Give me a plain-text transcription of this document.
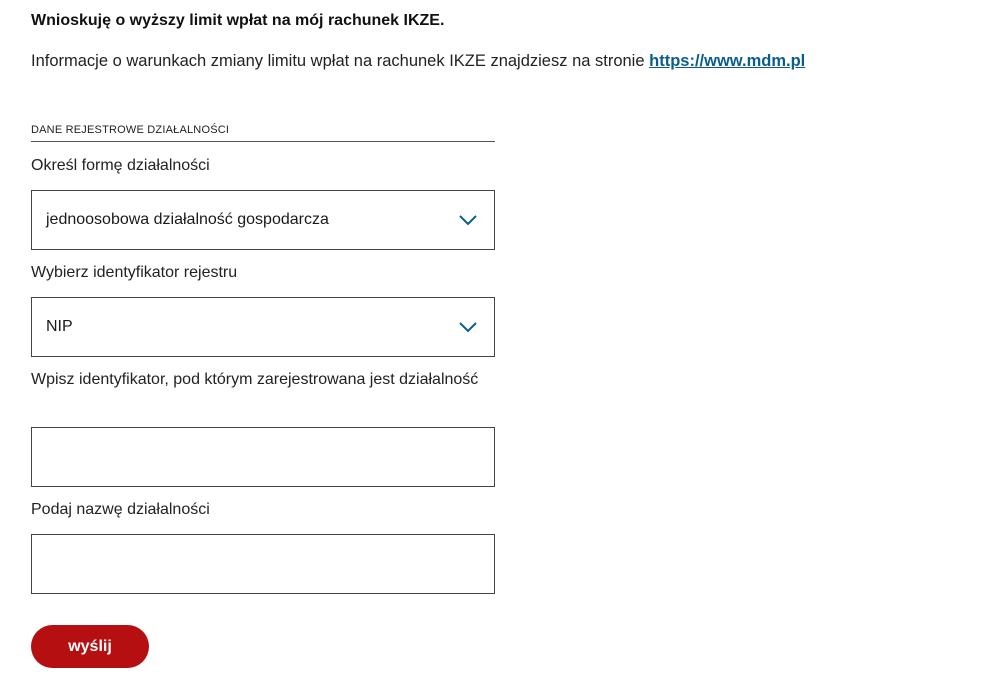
Wnioskuję o wyższy limit wpłat na mój rachunek IKZE.

Informacje o warunkach zmiany limitu wpłat na rachunek IKZE znajdziesz na stronie https://www.mdm.pl

DANE REJESTROWE DZIAŁALNOŚCI
Określ formę działalności
jednoosobowa działalność gospodarcza
Wybierz identyfikator rejestru
NIP
Wpisz identyfikator, pod którym zarejestrowana jest działalność
Podaj nazwę działalności
wyślij
